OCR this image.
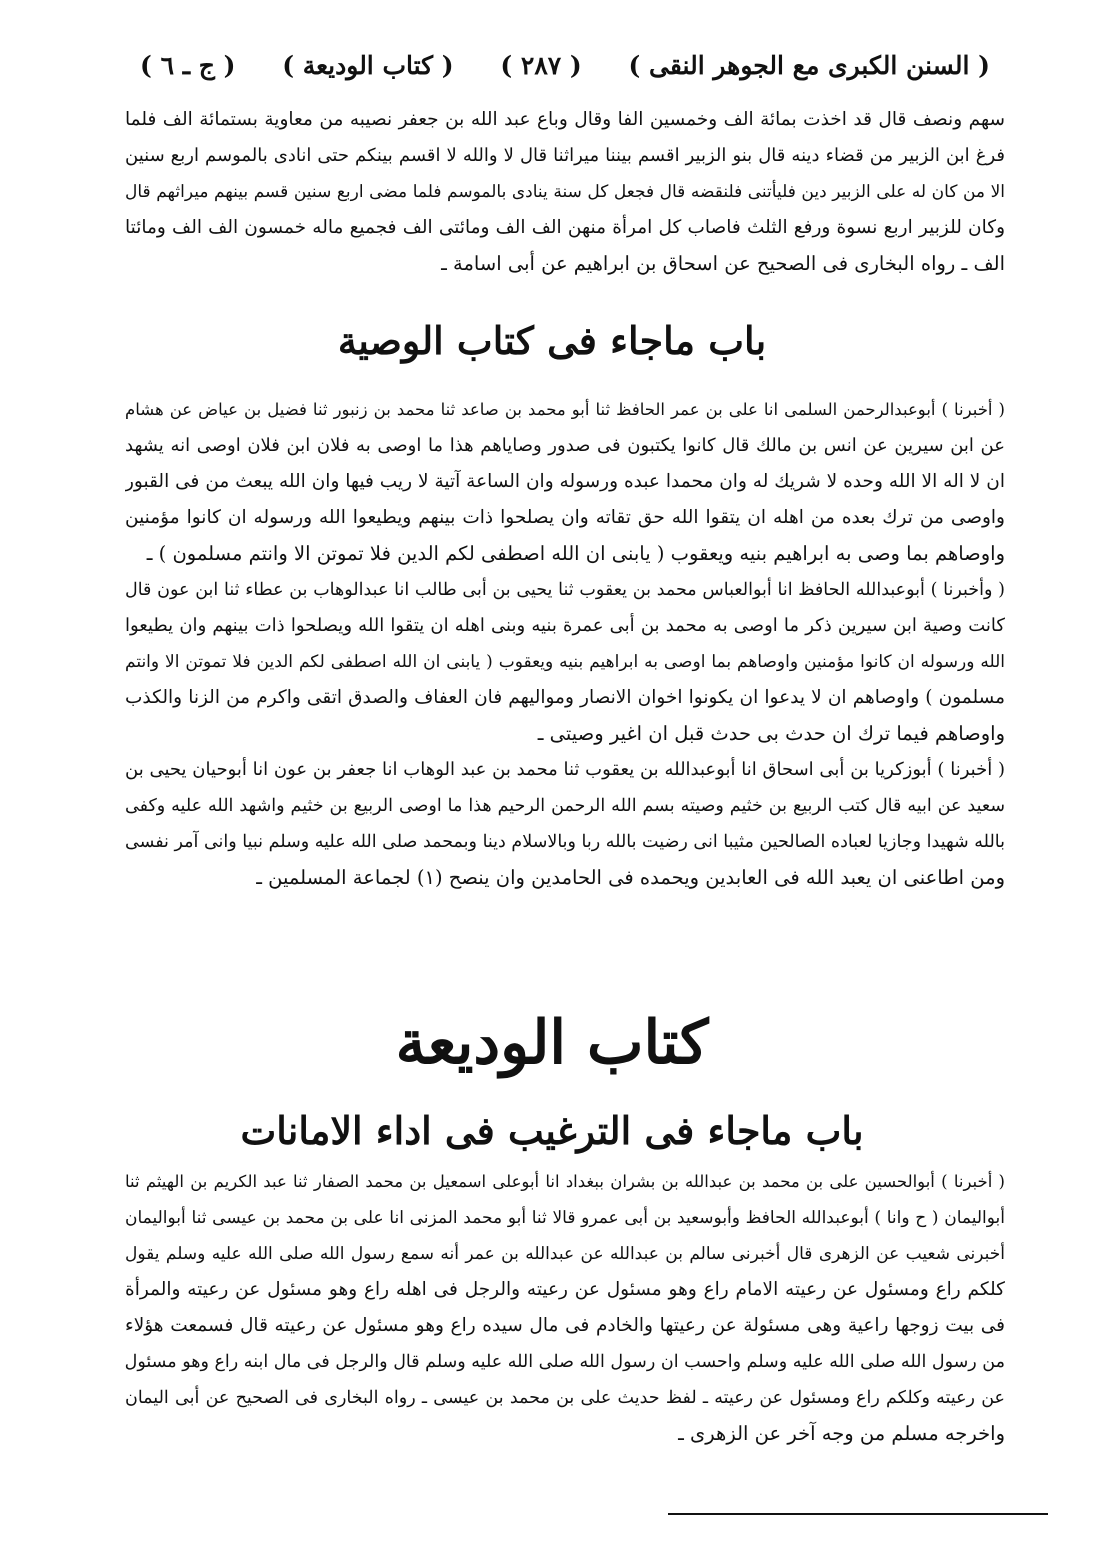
( السنن الكبرى مع الجوهر النقى )
( ٢٨٧ )
( كتاب الوديعة )
( ج ـ ٦ )
سهم ونصف قال قد اخذت بمائة الف وخمسين الفا وقال وباع عبد الله بن جعفر نصيبه من معاوية بستمائة الف فلما
فرغ ابن الزبير من قضاء دينه قال بنو الزبير اقسم بيننا ميراثنا قال لا والله لا اقسم بينكم حتى انادى بالموسم اربع سنين
الا من كان له على الزبير دين فليأتنى فلنقضه قال فجعل كل سنة ينادى بالموسم فلما مضى اربع سنين قسم بينهم ميراثهم قال
وكان للزبير اربع نسوة ورفع الثلث فاصاب كل امرأة منهن الف الف ومائتى الف فجميع ماله خمسون الف الف ومائتا
الف ـ رواه البخارى فى الصحيح عن اسحاق بن ابراهيم عن أبى اسامة ـ
باب ماجاء فى كتاب الوصية
( أخبرنا ) أبوعبدالرحمن السلمى انا على بن عمر الحافظ ثنا أبو محمد بن صاعد ثنا محمد بن زنبور ثنا فضيل بن عياض عن هشام
عن ابن سيرين عن انس بن مالك قال كانوا يكتبون فى صدور وصاياهم هذا ما اوصى به فلان ابن فلان اوصى انه يشهد
ان لا اله الا الله وحده لا شريك له وان محمدا عبده ورسوله وان الساعة آتية لا ريب فيها وان الله يبعث من فى القبور
واوصى من ترك بعده من اهله ان يتقوا الله حق تقاته وان يصلحوا ذات بينهم ويطيعوا الله ورسوله ان كانوا مؤمنين
واوصاهم بما وصى به ابراهيم بنيه ويعقوب ( يابنى ان الله اصطفى لكم الدين فلا تموتن الا وانتم مسلمون ) ـ
( وأخبرنا ) أبوعبدالله الحافظ انا أبوالعباس محمد بن يعقوب ثنا يحيى بن أبى طالب انا عبدالوهاب بن عطاء ثنا ابن عون قال
كانت وصية ابن سيرين ذكر ما اوصى به محمد بن أبى عمرة بنيه وبنى اهله ان يتقوا الله ويصلحوا ذات بينهم وان يطيعوا
الله ورسوله ان كانوا مؤمنين واوصاهم بما اوصى به ابراهيم بنيه ويعقوب ( يابنى ان الله اصطفى لكم الدين فلا تموتن الا وانتم
مسلمون ) واوصاهم ان لا يدعوا ان يكونوا اخوان الانصار ومواليهم فان العفاف والصدق اتقى واكرم من الزنا والكذب
واوصاهم فيما ترك ان حدث بى حدث قبل ان اغير وصيتى ـ
( أخبرنا ) أبوزكريا بن أبى اسحاق انا أبوعبدالله بن يعقوب ثنا محمد بن عبد الوهاب انا جعفر بن عون انا أبوحيان يحيى بن
سعيد عن ابيه قال كتب الربيع بن خثيم وصيته بسم الله الرحمن الرحيم هذا ما اوصى الربيع بن خثيم واشهد الله عليه وكفى
بالله شهيدا وجازيا لعباده الصالحين مثيبا انى رضيت بالله ربا وبالاسلام دينا وبمحمد صلى الله عليه وسلم نبيا وانى آمر نفسى
ومن اطاعنى ان يعبد الله فى العابدين ويحمده فى الحامدين وان ينصح (١) لجماعة المسلمين ـ
كتاب الوديعة
باب ماجاء فى الترغيب فى اداء الامانات
( أخبرنا ) أبوالحسين على بن محمد بن عبدالله بن بشران ببغداد انا أبوعلى اسمعيل بن محمد الصفار ثنا عبد الكريم بن الهيثم ثنا
أبواليمان ( ح وانا ) أبوعبدالله الحافظ وأبوسعيد بن أبى عمرو قالا ثنا أبو محمد المزنى انا على بن محمد بن عيسى ثنا أبواليمان
أخبرنى شعيب عن الزهرى قال أخبرنى سالم بن عبدالله عن عبدالله بن عمر أنه سمع رسول الله صلى الله عليه وسلم يقول
كلكم راع ومسئول عن رعيته الامام راع وهو مسئول عن رعيته والرجل فى اهله راع وهو مسئول عن رعيته والمرأة
فى بيت زوجها راعية وهى مسئولة عن رعيتها والخادم فى مال سيده راع وهو مسئول عن رعيته قال فسمعت هؤلاء
من رسول الله صلى الله عليه وسلم واحسب ان رسول الله صلى الله عليه وسلم قال والرجل فى مال ابنه راع وهو مسئول
عن رعيته وكلكم راع ومسئول عن رعيته ـ لفظ حديث على بن محمد بن عيسى ـ رواه البخارى فى الصحيح عن أبى اليمان
واخرجه مسلم من وجه آخر عن الزهرى ـ
